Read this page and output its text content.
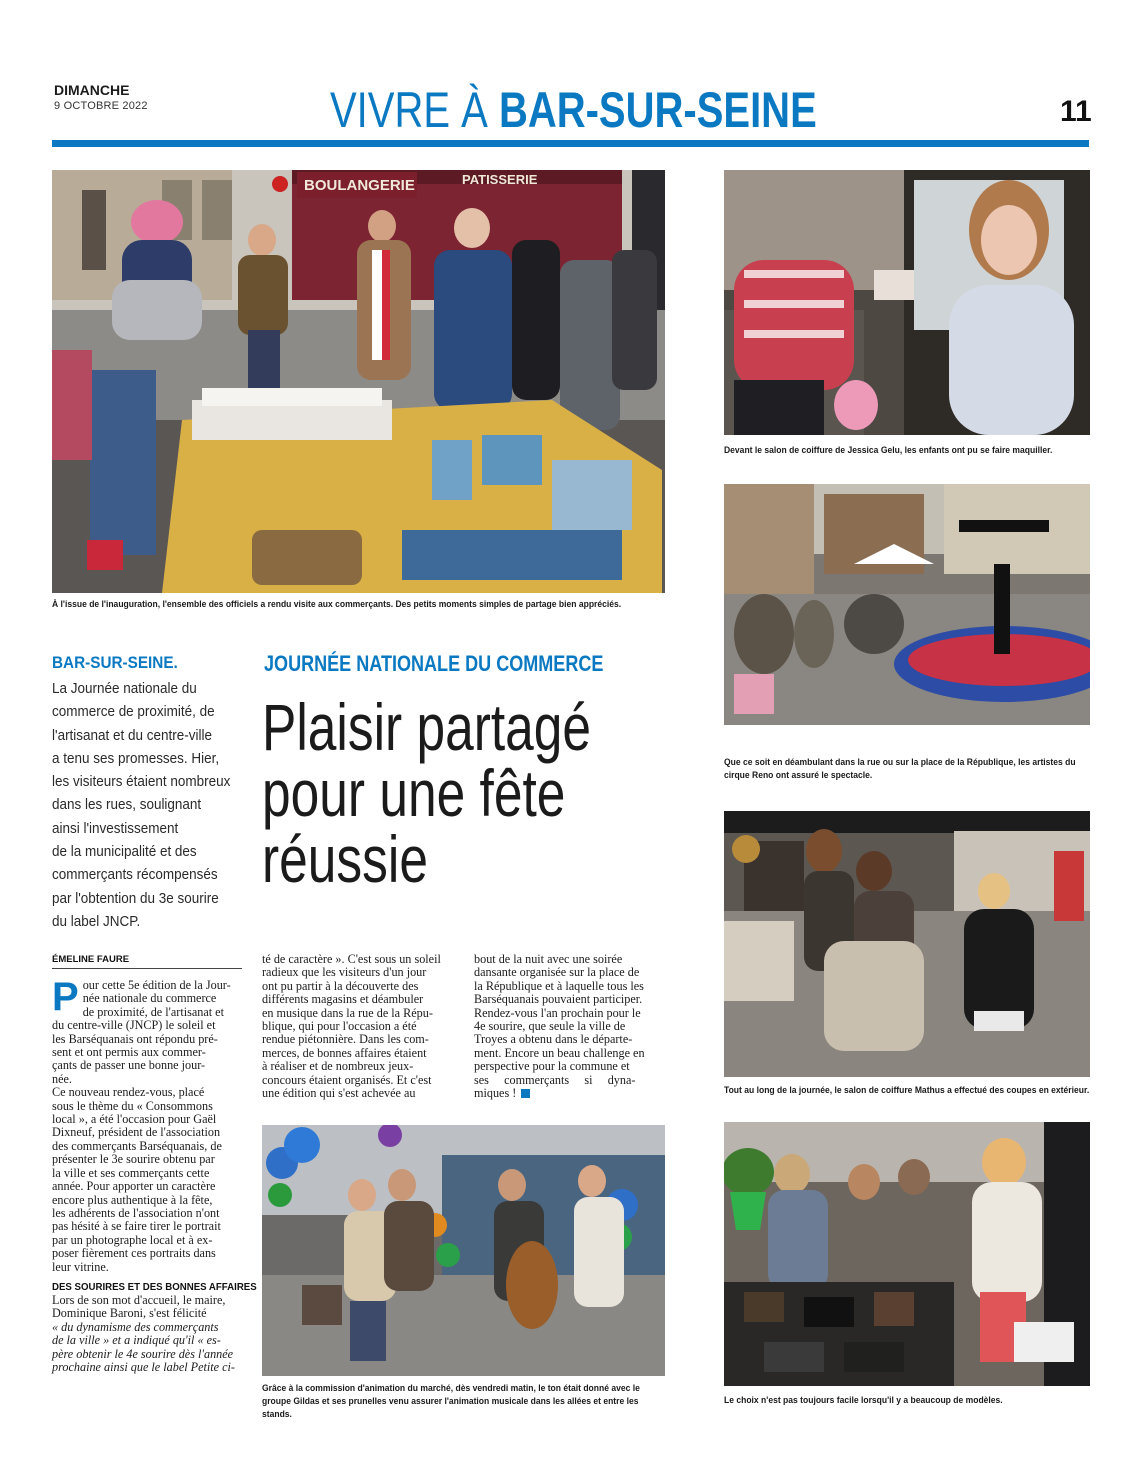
DIMANCHE
9 OCTOBRE 2022	VIVRE À BAR-SUR-SEINE	11
BOULANGERIE	PATISSERIE
À l'issue de l'inauguration, l'ensemble des officiels a rendu visite aux commerçants. Des petits moments simples de partage bien appréciés.
Devant le salon de coiffure de Jessica Gelu, les enfants ont pu se faire maquiller.
Que ce soit en déambulant dans la rue ou sur la place de la République, les artistes du cirque Reno ont assuré le spectacle.
Tout au long de la journée, le salon de coiffure Mathus a effectué des coupes en extérieur.
Le choix n'est pas toujours facile lorsqu'il y a beaucoup de modèles.
BAR-SUR-SEINE.
La Journée nationale du
commerce de proximité, de
l'artisanat et du centre-ville
a tenu ses promesses. Hier,
les visiteurs étaient nombreux
dans les rues, soulignant
ainsi l'investissement
de la municipalité et des
commerçants récompensés
par l'obtention du 3e sourire
du label JNCP.
JOURNÉE NATIONALE DU COMMERCE
Plaisir partagé
pour une fête
réussie
ÉMELINE FAURE
P our cette 5e édition de la Jour-
née nationale du commerce
de proximité, de l'artisanat et
du centre-ville (JNCP) le soleil et
les Barséquanais ont répondu pré-
sent et ont permis aux commer-
çants de passer une bonne jour-
née.
Ce nouveau rendez-vous, placé
sous le thème du « Consommons
local », a été l'occasion pour Gaël
Dixneuf, président de l'association
des commerçants Barséquanais, de
présenter le 3e sourire obtenu par
la ville et ses commerçants cette
année. Pour apporter un caractère
encore plus authentique à la fête,
les adhérents de l'association n'ont
pas hésité à se faire tirer le portrait
par un photographe local et à ex-
poser fièrement ces portraits dans
leur vitrine.
DES SOURIRES ET DES BONNES AFFAIRES
Lors de son mot d'accueil, le maire,
Dominique Baroni, s'est félicité
« du dynamisme des commerçants
de la ville » et a indiqué qu'il « es-
père obtenir le 4e sourire dès l'année
prochaine ainsi que le label Petite ci-
té de caractère ». C'est sous un soleil
radieux que les visiteurs d'un jour
ont pu partir à la découverte des
différents magasins et déambuler
en musique dans la rue de la Répu-
blique, qui pour l'occasion a été
rendue piétonnière. Dans les com-
merces, de bonnes affaires étaient
à réaliser et de nombreux jeux-
concours étaient organisés. Et c'est
une édition qui s'est achevée au
bout de la nuit avec une soirée
dansante organisée sur la place de
la République et à laquelle tous les
Barséquanais pouvaient participer.
Rendez-vous l'an prochain pour le
4e sourire, que seule la ville de
Troyes a obtenu dans le départe-
ment. Encore un beau challenge en
perspective pour la commune et
ses     commerçants     si     dyna-
miques !
Grâce à la commission d'animation du marché, dès vendredi matin, le ton était donné avec le groupe Gildas et ses prunelles venu assurer l'animation musicale dans les allées et entre les stands.
